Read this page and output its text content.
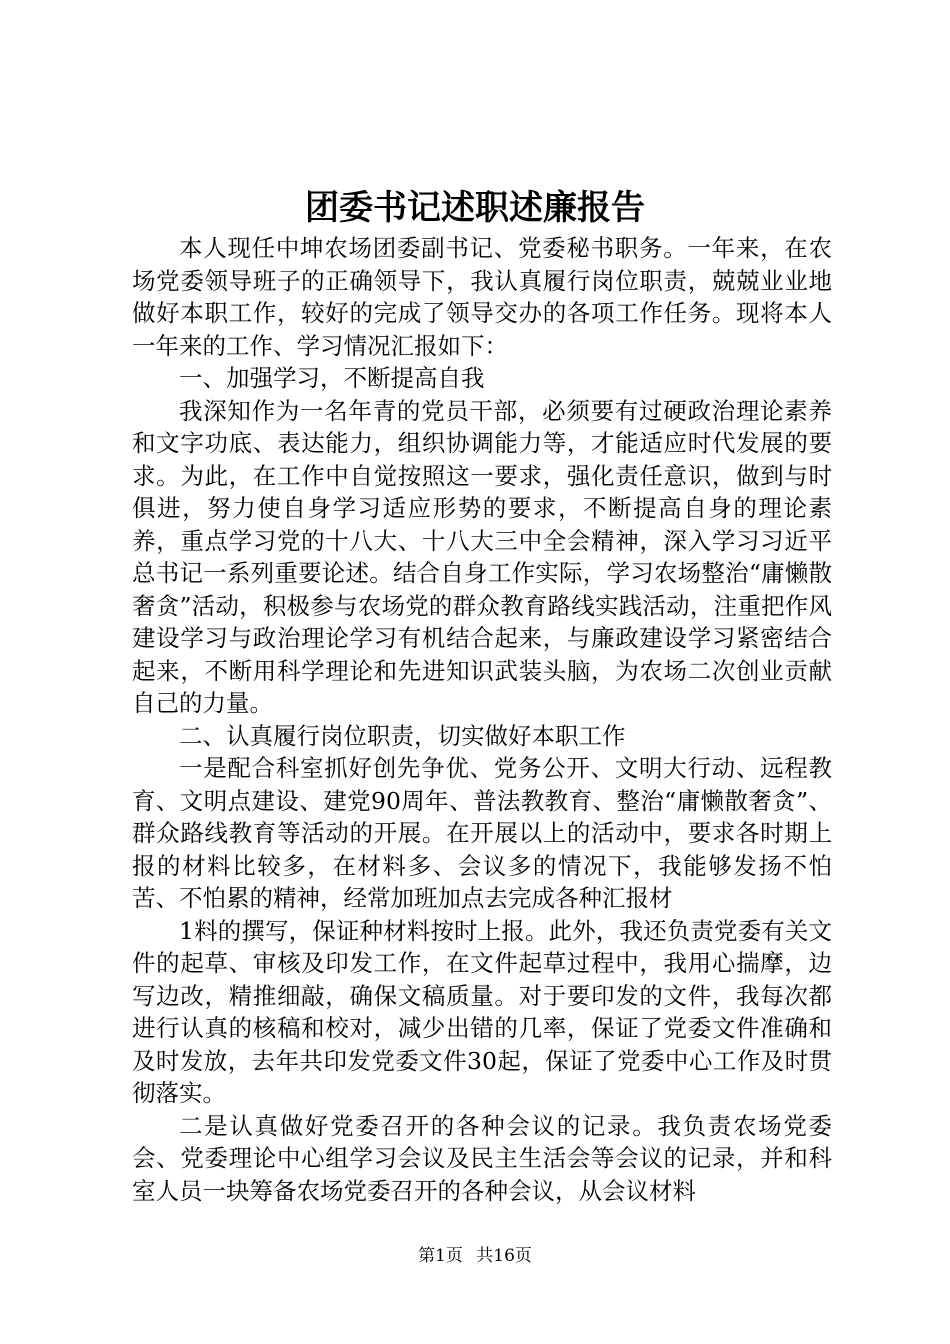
团委书记述职述廉报告

本人现任中坤农场团委副书记、党委秘书职务。一年来，在农场党委领导班子的正确领导下，我认真履行岗位职责，兢兢业业地做好本职工作，较好的完成了领导交办的各项工作任务。现将本人一年来的工作、学习情况汇报如下：

一、加强学习，不断提高自我

我深知作为一名年青的党员干部，必须要有过硬政治理论素养和文字功底、表达能力，组织协调能力等，才能适应时代发展的要求。为此，在工作中自觉按照这一要求，强化责任意识，做到与时俱进，努力使自身学习适应形势的要求，不断提高自身的理论素养，重点学习党的十八大、十八大三中全会精神，深入学习习近平总书记一系列重要论述。结合自身工作实际，学习农场整治“庸懒散奢贪”活动，积极参与农场党的群众教育路线实践活动，注重把作风建设学习与政治理论学习有机结合起来，与廉政建设学习紧密结合起来，不断用科学理论和先进知识武装头脑，为农场二次创业贡献自己的力量。

二、认真履行岗位职责，切实做好本职工作

一是配合科室抓好创先争优、党务公开、文明大行动、远程教育、文明点建设、建党90周年、普法教教育、整治“庸懒散奢贪”、群众路线教育等活动的开展。在开展以上的活动中，要求各时期上报的材料比较多，在材料多、会议多的情况下，我能够发扬不怕苦、不怕累的精神，经常加班加点去完成各种汇报材

1料的撰写，保证种材料按时上报。此外，我还负责党委有关文件的起草、审核及印发工作，在文件起草过程中，我用心揣摩，边写边改，精推细敲，确保文稿质量。对于要印发的文件，我每次都进行认真的核稿和校对，减少出错的几率，保证了党委文件准确和及时发放，去年共印发党委文件30起，保证了党委中心工作及时贯彻落实。

二是认真做好党委召开的各种会议的记录。我负责农场党委会、党委理论中心组学习会议及民主生活会等会议的记录，并和科室人员一块筹备农场党委召开的各种会议，从会议材料

第1页 共16页
